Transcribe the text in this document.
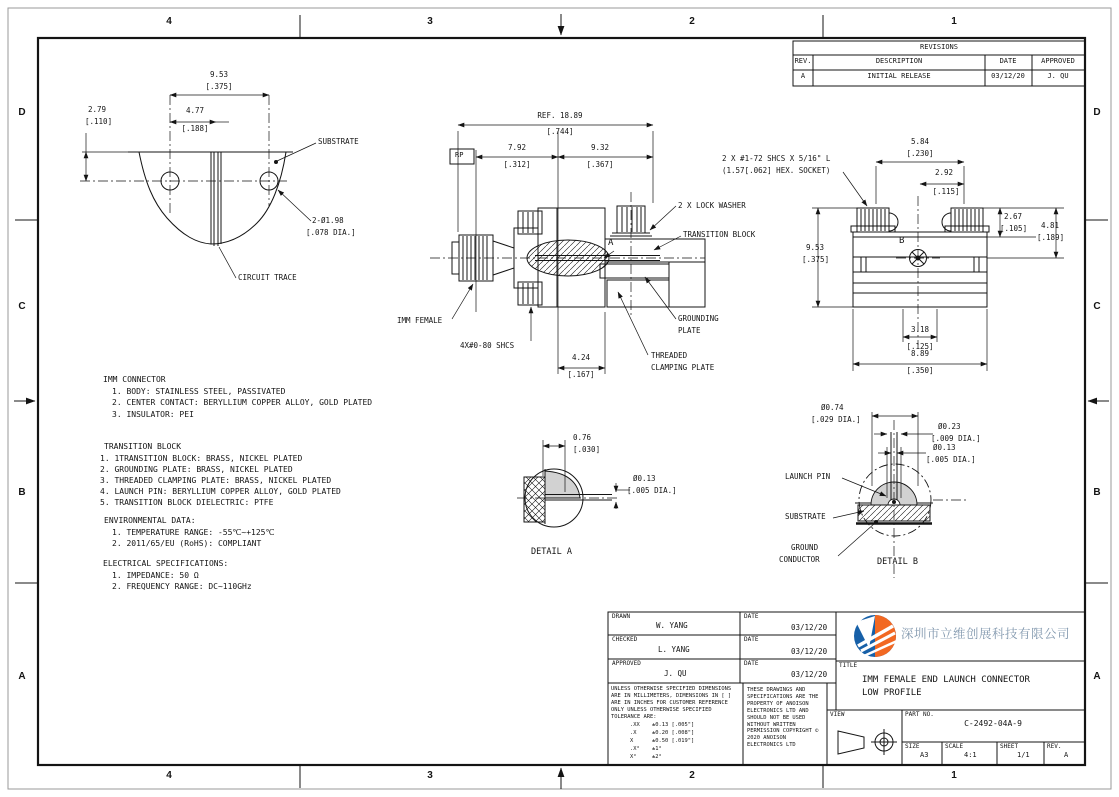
4	3	2	1
4	3	2	1
D
C
B
A
D
C
B
A
REVISIONS
REV.	DESCRIPTION	DATE	APPROVED
A	INITIAL RELEASE	03/12/20	J. QU
9.53
[.375]
2.79
[.110]
4.77
[.188]
SUBSTRATE
2-Ø1.98
[.078 DIA.]
CIRCUIT TRACE
REF. 18.89
[.744]
7.92
[.312]
9.32
[.367]
RP	2 X #1-72 SHCS X 5/16" L
(1.57[.062] HEX. SOCKET)
2 X LOCK WASHER
TRANSITION BLOCK
A
IMM FEMALE
4X#0-80 SHCS
GROUNDING
PLATE
THREADED
CLAMPING PLATE
4.24
[.167]
5.84
[.230]
2.92
[.115]
2.67
[.105] 4.81
[.189]
9.53
[.375]
B
3.18
[.125]
8.89
[.350]
0.76
[.030]
Ø0.13
[.005 DIA.]
DETAIL A
Ø0.74
[.029 DIA.]
Ø0.23
[.009 DIA.]
Ø0.13
[.005 DIA.]
LAUNCH PIN
SUBSTRATE
GROUND
CONDUCTOR	DETAIL B
IMM CONNECTOR
1. BODY: STAINLESS STEEL, PASSIVATED
2. CENTER CONTACT: BERYLLIUM COPPER ALLOY, GOLD PLATED
3. INSULATOR: PEI
TRANSITION BLOCK
1. 1TRANSITION BLOCK: BRASS, NICKEL PLATED
2. GROUNDING PLATE: BRASS, NICKEL PLATED
3. THREADED CLAMPING PLATE: BRASS, NICKEL PLATED
4. LAUNCH PIN: BERYLLIUM COPPER ALLOY, GOLD PLATED
5. TRANSITION BLOCK DIELECTRIC: PTFE
ENVIRONMENTAL DATA:
1. TEMPERATURE RANGE: -55℃~+125℃
2. 2011/65/EU (RoHS): COMPLIANT
ELECTRICAL SPECIFICATIONS:
1. IMPEDANCE: 50 Ω
2. FREQUENCY RANGE: DC~110GHz
DRAWN
W. YANG
DATE
03/12/20
CHECKED
L. YANG
DATE
03/12/20
APPROVED
J. QU
DATE
03/12/20
UNLESS OTHERWISE SPECIFIED DIMENSIONS ARE IN MILLIMETERS, DIMENSIONS IN [ ] ARE IN INCHES FOR CUSTOMER REFERENCE ONLY UNLESS OTHERWISE SPECIFIED TOLERANCE ARE:
.XX ±0.13 [.005"]
.X	±0.20 [.008"]
X	±0.50 [.019"]
.X° ±1°
X°	±2°
THESE DRAWINGS AND SPECIFICATIONS ARE THE PROPERTY OF ANOISON ELECTRONICS LTD AND SHOULD NOT BE USED WITHOUT WRITTEN PERMISSION COPYRIGHT © 2020 ANOISON ELECTRONICS LTD
深圳市立维创展科技有限公司
TITLE
IMM FEMALE END LAUNCH CONNECTOR
LOW PROFILE
VIEW	PART NO.
C-2492-04A-9
SIZE
A3
SCALE
4:1
SHEET
1/1
REV.
A
